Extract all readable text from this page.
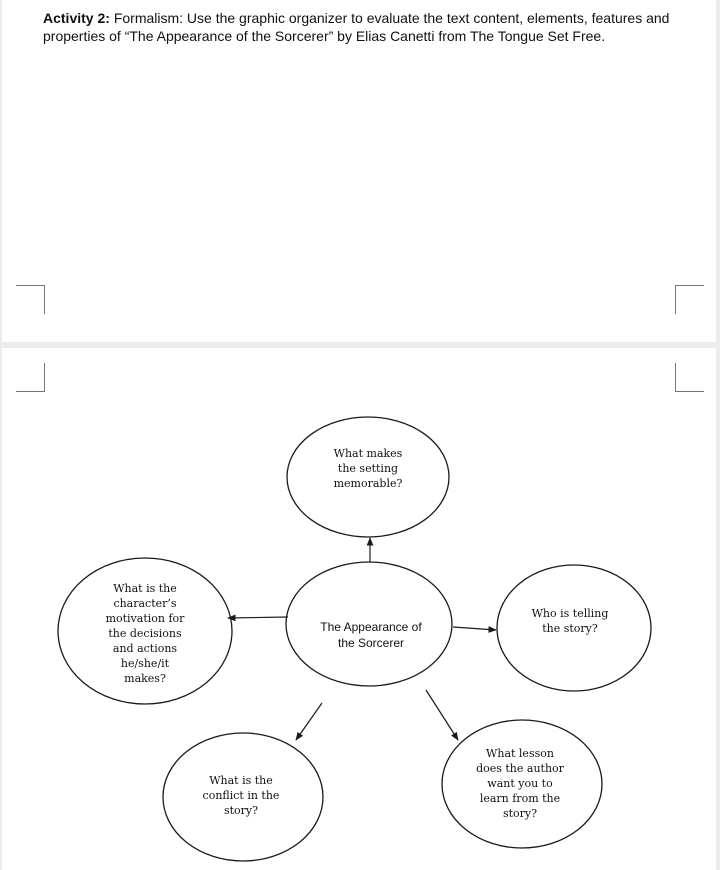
Activity 2: Formalism: Use the graphic organizer to evaluate the text content, elements, features and properties of “The Appearance of the Sorcerer” by Elias Canetti from The Tongue Set Free.
What makes
the setting
memorable?
What is the
character’s
motivation for
the decisions
and actions
he/she/it
makes?
The Appearance of
the Sorcerer
Who is telling
the story?
What is the
conflict in the
story?
What lesson
does the author
want you to
learn from the
story?
